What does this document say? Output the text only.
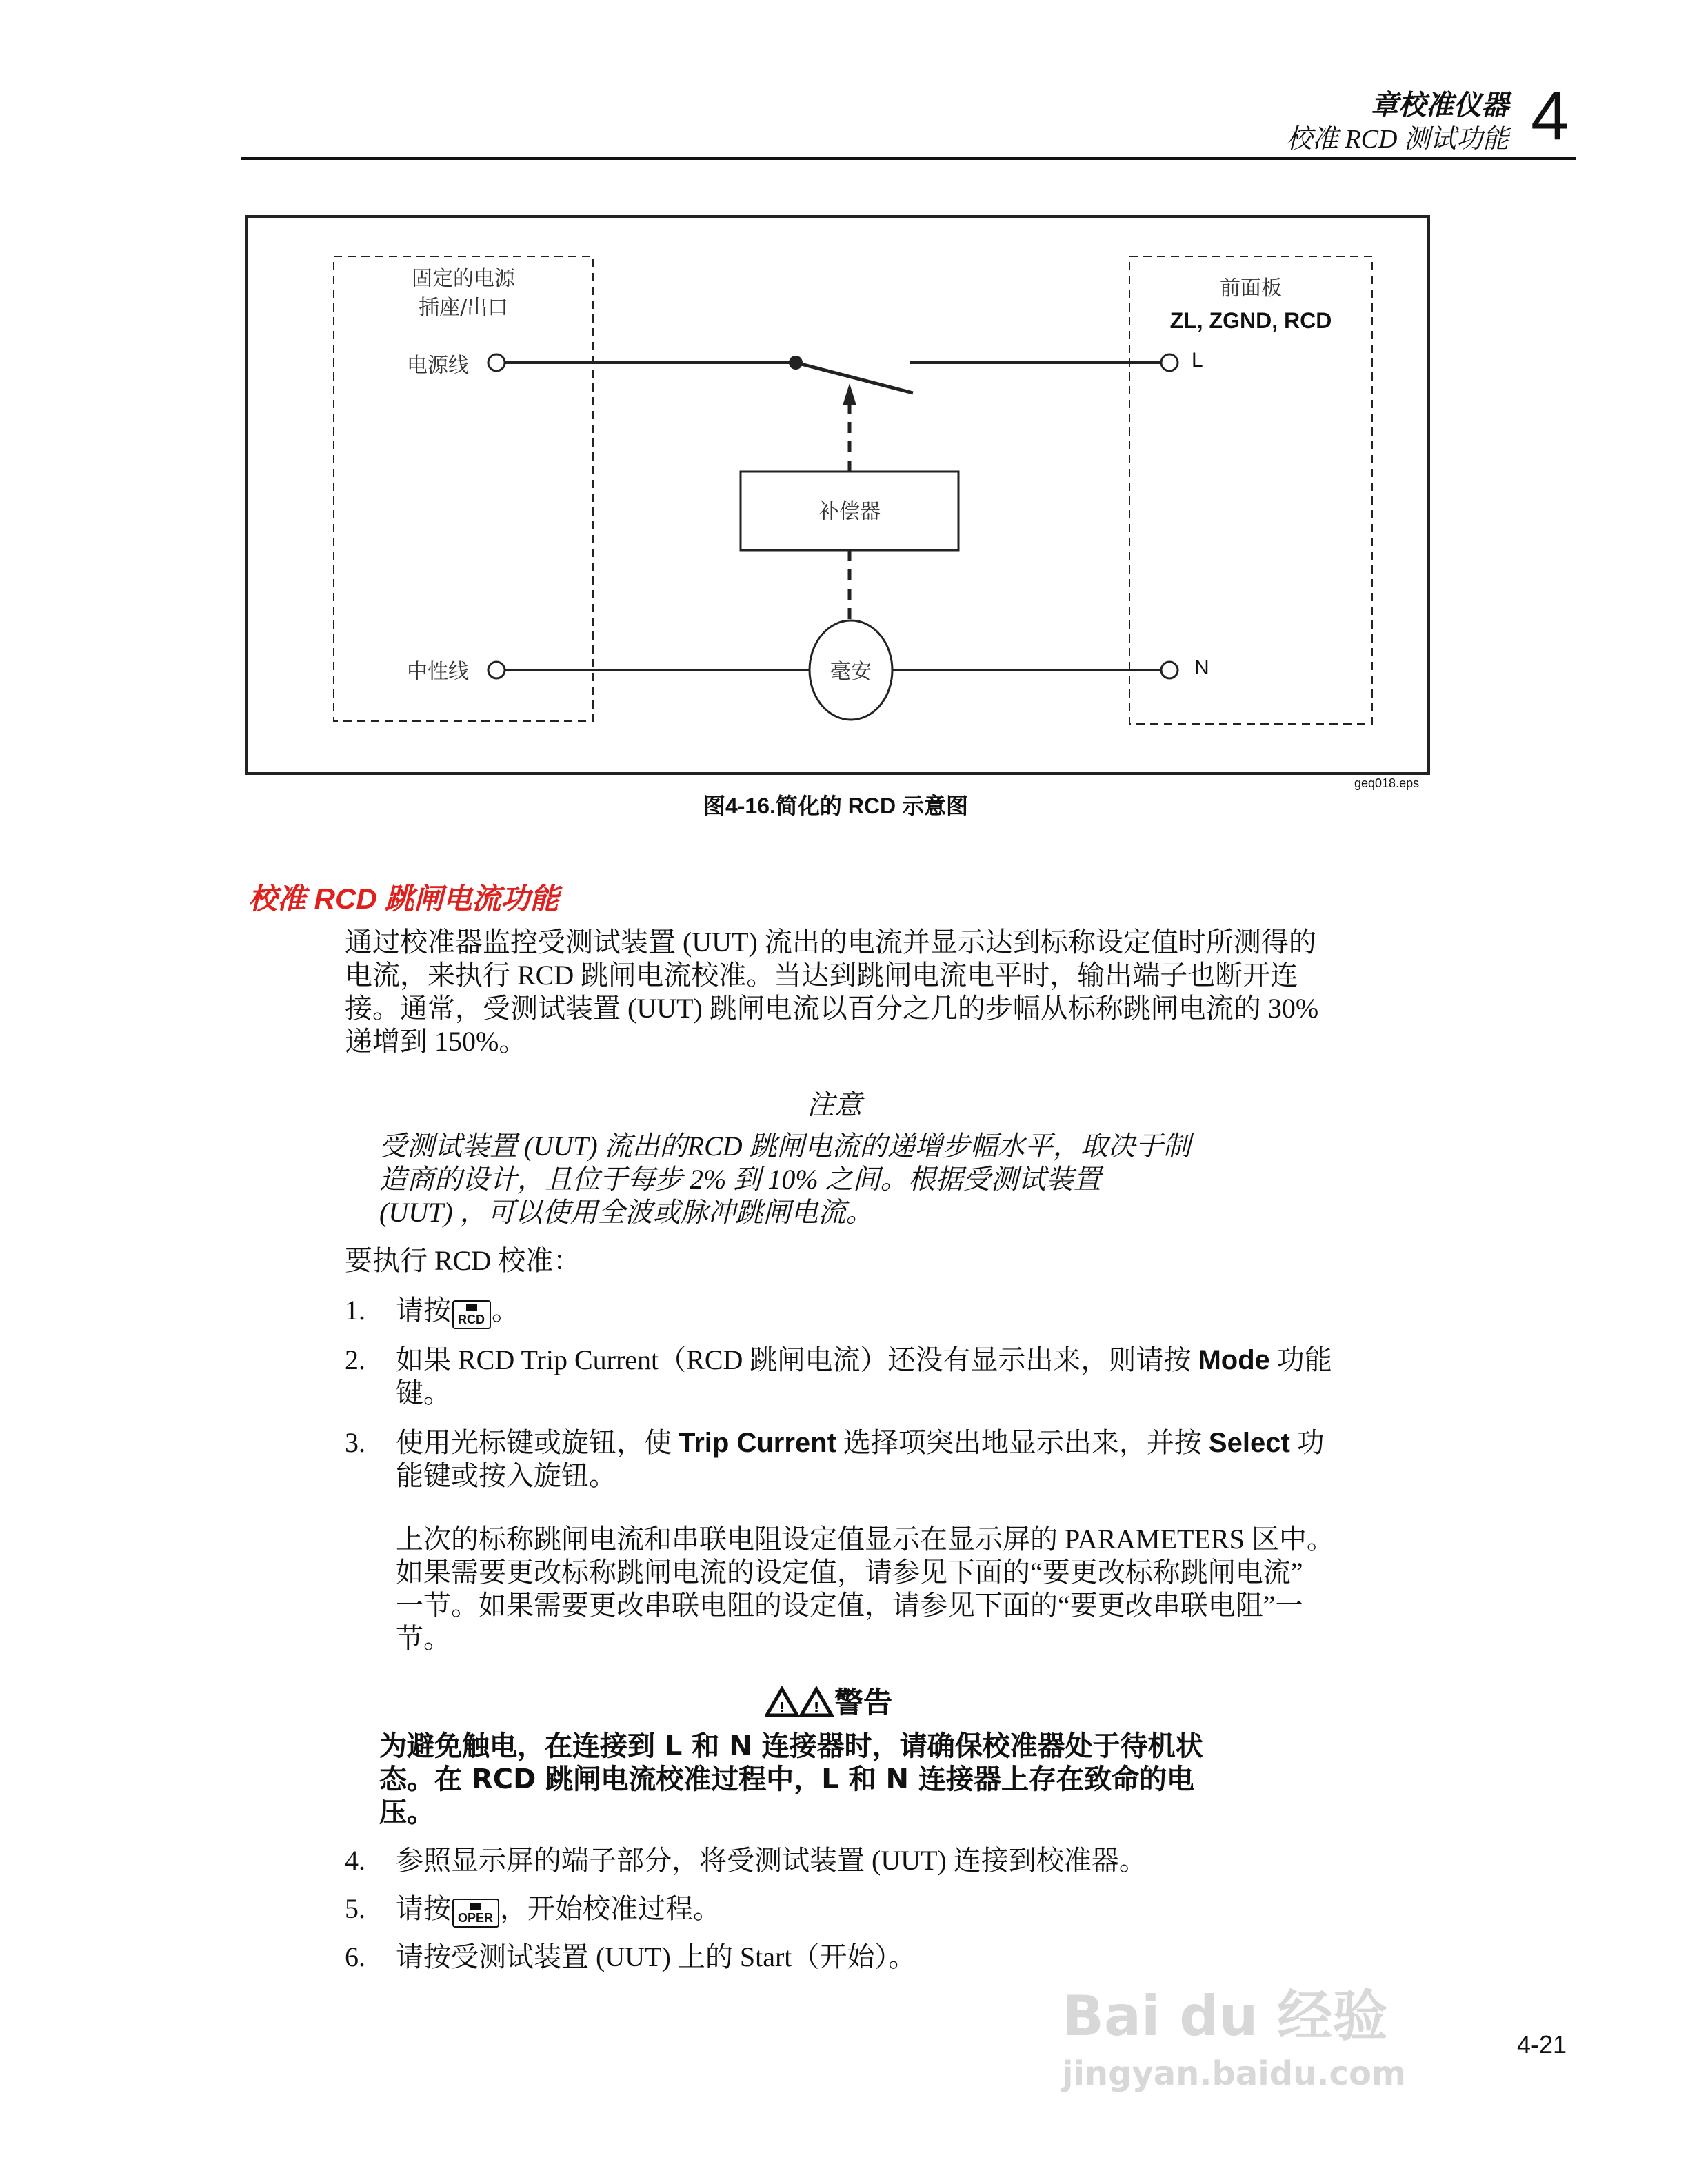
章校准仪器
校准 RCD 测试功能 4
固定的电源
插座/出口
电源线
中性线
前面板
ZL, ZGND, RCD
L
N
补偿器
毫安
geq018.eps
图4-16.简化的 RCD 示意图
校准 RCD 跳闸电流功能
通过校准器监控受测试装置 (UUT) 流出的电流并显示达到标称设定值时所测得的
电流，来执行 RCD 跳闸电流校准。当达到跳闸电流电平时，输出端子也断开连
接。通常，受测试装置 (UUT) 跳闸电流以百分之几的步幅从标称跳闸电流的 30%
递增到 150%。
注意
受测试装置 (UUT) 流出的RCD 跳闸电流的递增步幅水平，取决于制
造商的设计，且位于每步 2% 到 10% 之间。根据受测试装置
(UUT) ，可以使用全波或脉冲跳闸电流。
要执行 RCD 校准：
1. 请按 RCD 。
2. 如果 RCD Trip Current（RCD 跳闸电流）还没有显示出来，则请按 Mode 功能
键。
3. 使用光标键或旋钮，使 Trip Current 选择项突出地显示出来，并按 Select 功
能键或按入旋钮。
上次的标称跳闸电流和串联电阻设定值显示在显示屏的 PARAMETERS 区中。
如果需要更改标称跳闸电流的设定值，请参见下面的“要更改标称跳闸电流”
一节。如果需要更改串联电阻的设定值，请参见下面的“要更改串联电阻”一
节。
!	! 警告
为避免触电，在连接到 L 和 N 连接器时，请确保校准器处于待机状
态。在 RCD 跳闸电流校准过程中，L 和 N 连接器上存在致命的电
压。
4. 参照显示屏的端子部分，将受测试装置 (UUT) 连接到校准器。
5. 请按 OPER ，开始校准过程。
6. 请按受测试装置 (UUT) 上的 Start（开始）。
Bai du 经验
jingyan.baidu.com
4-21
